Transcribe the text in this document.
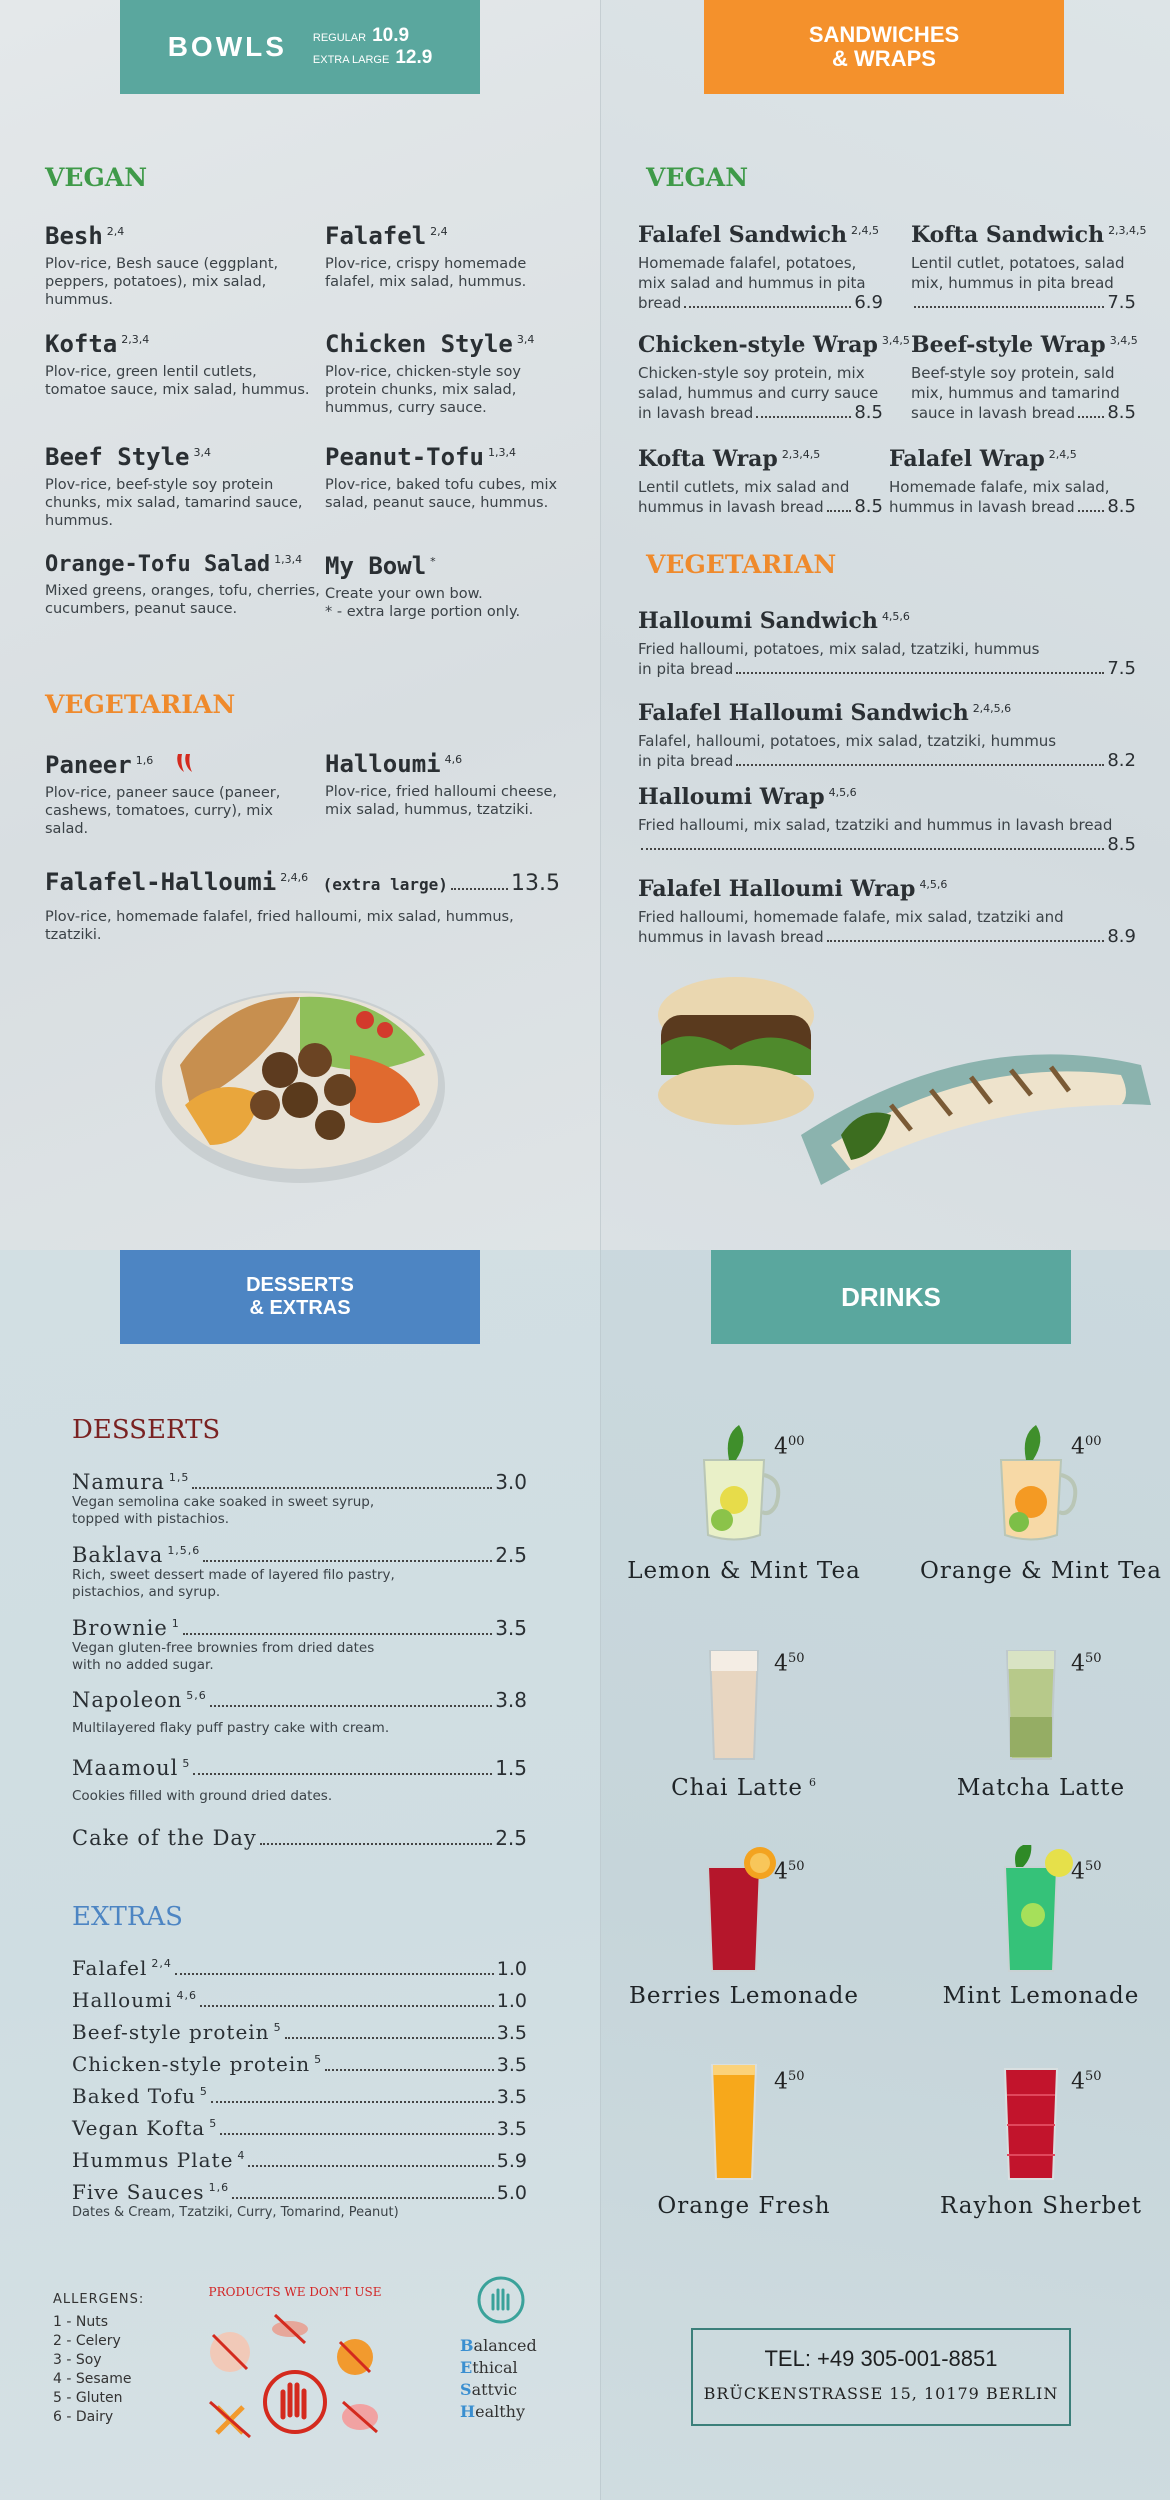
BOWLS REGULAR 10.9
EXTRA LARGE 12.9
VEGAN
Besh $^{2,4}$
Plov-rice, Besh sauce (eggplant, peppers, potatoes), mix salad, hummus.
Falafel $^{2,4}$
Plov-rice, crispy homemade falafel, mix salad, hummus.
Kofta $^{2,3,4}$
Plov-rice, green lentil cutlets, tomatoe sauce, mix salad, hummus.
Chicken Style $^{3,4}$
Plov-rice, chicken-style soy protein chunks, mix salad, hummus, curry sauce.
Beef Style $^{3,4}$
Plov-rice, beef-style soy protein chunks, mix salad, tamarind sauce, hummus.
Peanut-Tofu $^{1,3,4}$
Plov-rice, baked tofu cubes, mix salad, peanut sauce, hummus.
Orange-Tofu Salad $^{1,3,4}$
Mixed greens, oranges, tofu, cherries, cucumbers, peanut sauce.
My Bowl *
Create your own bow.
* - extra large portion only.
VEGETARIAN
Paneer $^{1,6}$
Plov-rice, paneer sauce (paneer, cashews, tomatoes, curry), mix salad.
Halloumi $^{4,6}$
Plov-rice, fried halloumi cheese, mix salad, hummus, tzatziki.
Falafel-Halloumi $^{2,4,6}$ (extra large)	13.5
Plov-rice, homemade falafel, fried halloumi, mix salad, hummus, tzatziki.
SANDWICHES
& WRAPS
VEGAN
Falafel Sandwich $^{2,4,5}$
Homemade falafel, potatoes, mix salad and hummus in pita
bread	6.9
Kofta Sandwich $^{2,3,4,5}$
Lentil cutlet, potatoes, salad mix, hummus in pita bread
7.5
Chicken-style Wrap $^{3,4,5}$
Chicken-style soy protein, mix salad, hummus and curry sauce
in lavash bread	8.5
Beef-style Wrap $^{3,4,5}$
Beef-style soy protein, sald mix, hummus and tamarind
sauce in lavash bread 8.5
Kofta Wrap $^{2,3,4,5}$
Lentil cutlets, mix salad and
hummus in lavash bread 8.5
Falafel Wrap $^{2,4,5}$
Homemade falafe, mix salad,
hummus in lavash bread 8.5
VEGETARIAN
Halloumi Sandwich $^{4,5,6}$
Fried halloumi, potatoes, mix salad, tzatziki, hummus
in pita bread	7.5
Falafel Halloumi Sandwich $^{2,4,5,6}$
Falafel, halloumi, potatoes, mix salad, tzatziki, hummus
in pita bread	8.2
Halloumi Wrap $^{4,5,6}$
Fried halloumi, mix salad, tzatziki and hummus in lavash bread
8.5
Falafel Halloumi Wrap $^{4,5,6}$
Fried halloumi, homemade falafe, mix salad, tzatziki and
hummus in lavash bread	8.9
DESSERTS
& EXTRAS
DESSERTS
Namura $^{1,5}$	3.0
Vegan semolina cake soaked in sweet syrup,
topped with pistachios.
Baklava $^{1,5,6}$	2.5
Rich, sweet dessert made of layered filo pastry,
pistachios, and syrup.
Brownie $^1$	3.5
Vegan gluten-free brownies from dried dates
with no added sugar.
Napoleon $^{5,6}$	3.8
Multilayered flaky puff pastry cake with cream.
Maamoul $^5$	1.5
Cookies filled with ground dried dates.
Cake of the Day	2.5
EXTRAS
Falafel $^{2,4}$	1.0
Halloumi $^{4,6}$	1.0
Beef-style protein $^5$	3.5
Chicken-style protein $^5$	3.5
Baked Tofu $^5$	3.5
Vegan Kofta $^5$	3.5
Hummus Plate $^4$	5.9
Five Sauces $^{1,6}$	5.0
Dates & Cream, Tzatziki, Curry, Tomarind, Peanut)
ALLERGENS:
1 - Nuts
2 - Celery
3 - Soy
4 - Sesame
5 - Gluten
6 - Dairy
PRODUCTS WE DON'T USE
Balanced
Ethical
Sattvic
Healthy
DRINKS
$4^{00}$
Lemon & Mint Tea
$4^{00}$
Orange & Mint Tea
$4^{50}$
Chai Latte $^6$
$4^{50}$
Matcha Latte
$4^{50}$
Berries Lemonade
$4^{50}$
Mint Lemonade
$4^{50}$
Orange Fresh
$4^{50}$
Rayhon Sherbet
TEL: +49 305-001-8851
BRÜCKENSTRASSE 15, 10179 BERLIN
